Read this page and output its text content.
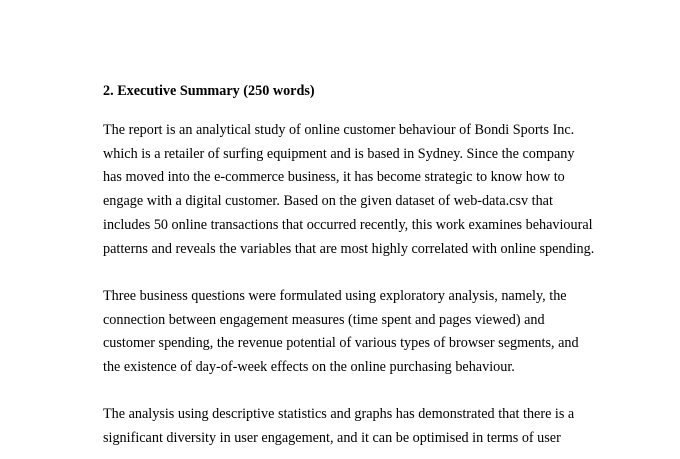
2. Executive Summary (250 words)
The report is an analytical study of online customer behaviour of Bondi Sports Inc.
which is a retailer of surfing equipment and is based in Sydney. Since the company
has moved into the e-commerce business, it has become strategic to know how to
engage with a digital customer. Based on the given dataset of web-data.csv that
includes 50 online transactions that occurred recently, this work examines behavioural
patterns and reveals the variables that are most highly correlated with online spending.
Three business questions were formulated using exploratory analysis, namely, the
connection between engagement measures (time spent and pages viewed) and
customer spending, the revenue potential of various types of browser segments, and
the existence of day-of-week effects on the online purchasing behaviour.
The analysis using descriptive statistics and graphs has demonstrated that there is a
significant diversity in user engagement, and it can be optimised in terms of user
